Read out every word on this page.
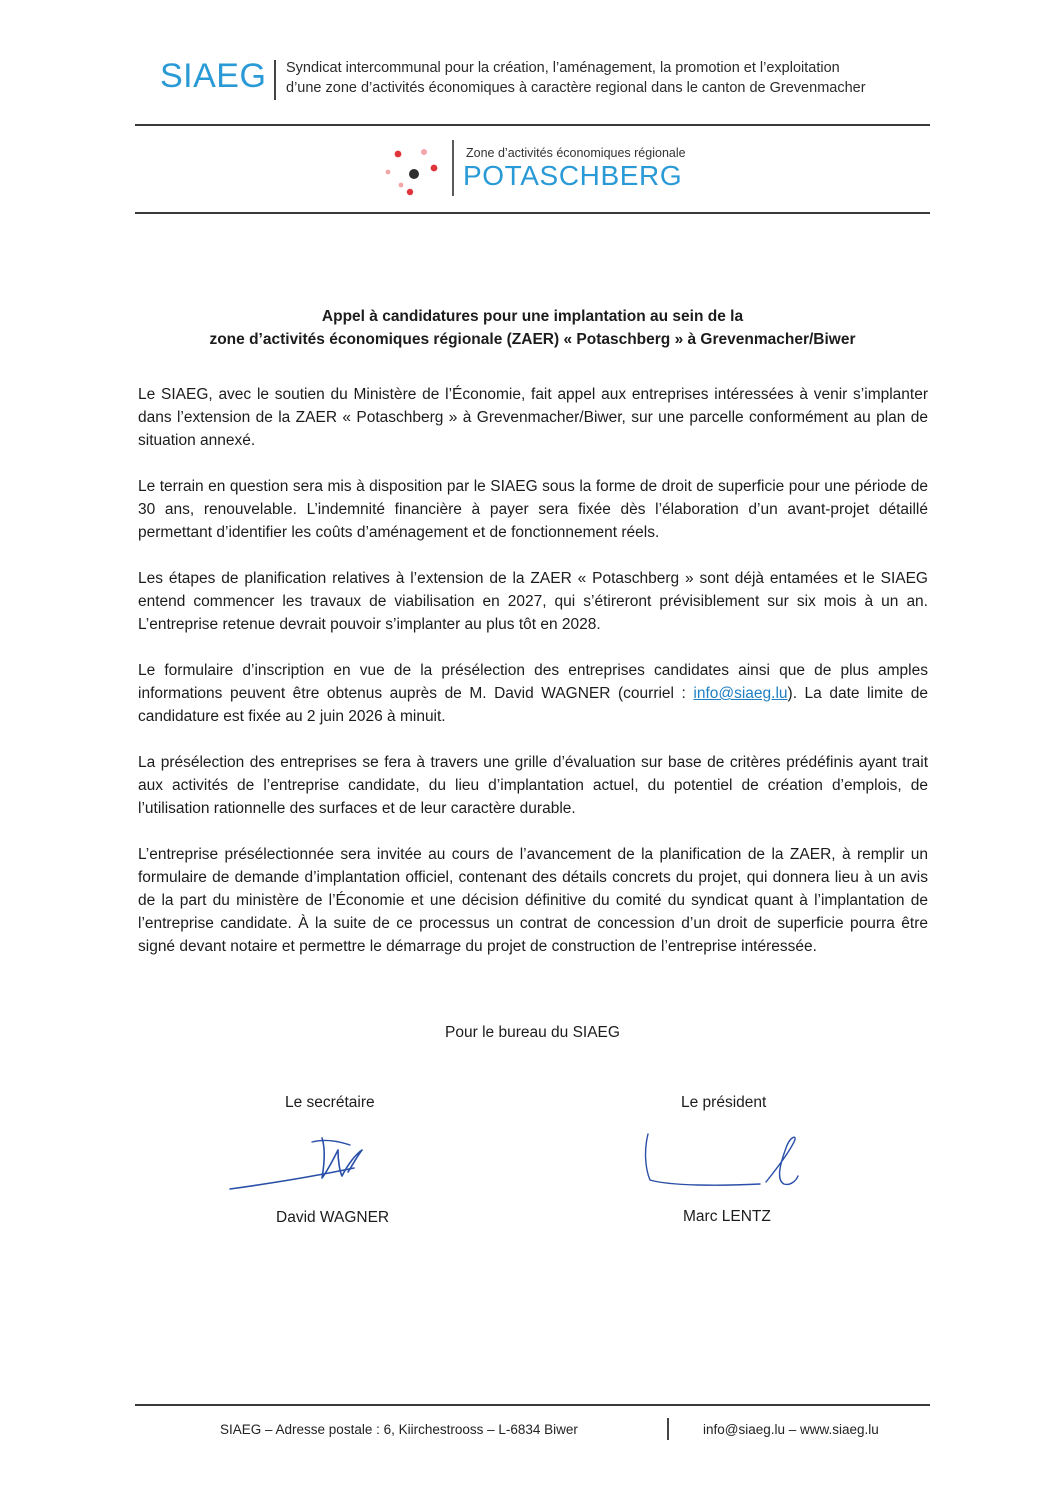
SIAEG Syndicat intercommunal pour la création, l’aménagement, la promotion et l’exploitation
d’une zone d’activités économiques à caractère regional dans le canton de Grevenmacher
Zone d’activités économiques régionale
POTASCHBERG
Appel à candidatures pour une implantation au sein de la
zone d’activités économiques régionale (ZAER) « Potaschberg » à Grevenmacher/Biwer

Le SIAEG, avec le soutien du Ministère de l’Économie, fait appel aux entreprises intéressées à venir s’implanter dans l’extension de la ZAER « Potaschberg » à Grevenmacher/Biwer, sur une parcelle conformément au plan de situation annexé.

Le terrain en question sera mis à disposition par le SIAEG sous la forme de droit de superficie pour une période de 30 ans, renouvelable. L’indemnité financière à payer sera fixée dès l’élaboration d’un avant-projet détaillé permettant d’identifier les coûts d’aménagement et de fonctionnement réels.

Les étapes de planification relatives à l’extension de la ZAER « Potaschberg » sont déjà entamées et le SIAEG entend commencer les travaux de viabilisation en 2027, qui s’étireront prévisiblement sur six mois à un an. L’entreprise retenue devrait pouvoir s’implanter au plus tôt en 2028.

Le formulaire d’inscription en vue de la présélection des entreprises candidates ainsi que de plus amples informations peuvent être obtenus auprès de M. David WAGNER (courriel : info@siaeg.lu). La date limite de candidature est fixée au 2 juin 2026 à minuit.

La présélection des entreprises se fera à travers une grille d’évaluation sur base de critères prédéfinis ayant trait aux activités de l’entreprise candidate, du lieu d’implantation actuel, du potentiel de création d’emplois, de l’utilisation rationnelle des surfaces et de leur caractère durable.

L’entreprise présélectionnée sera invitée au cours de l’avancement de la planification de la ZAER, à remplir un formulaire de demande d’implantation officiel, contenant des détails concrets du projet, qui donnera lieu à un avis de la part du ministère de l’Économie et une décision définitive du comité du syndicat quant à l’implantation de l’entreprise candidate. À la suite de ce processus un contrat de concession d’un droit de superficie pourra être signé devant notaire et permettre le démarrage du projet de construction de l’entreprise intéressée.

Pour le bureau du SIAEG
Le secrétaire	Le président
David WAGNER	Marc LENTZ
SIAEG – Adresse postale : 6, Kiirchestrooss – L-6834 Biwer	info@siaeg.lu – www.siaeg.lu
